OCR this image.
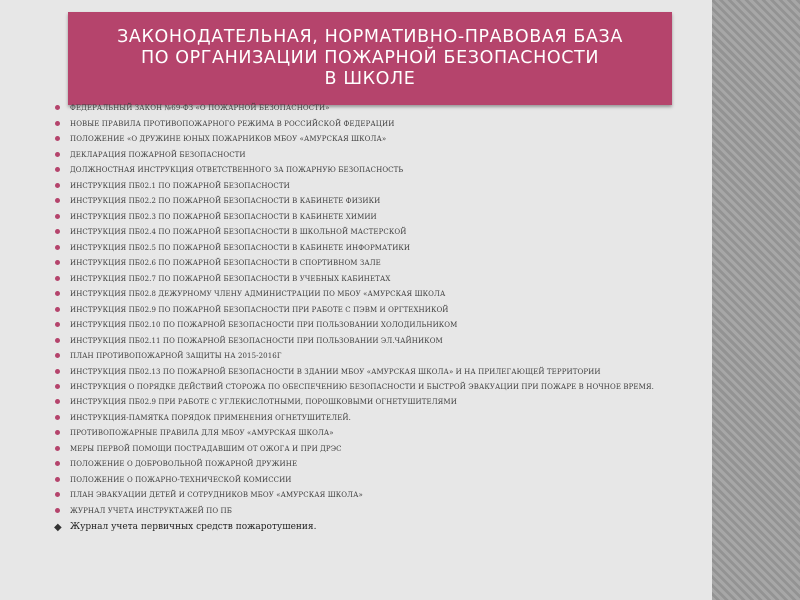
ЗАКОНОДАТЕЛЬНАЯ, НОРМАТИВНО-ПРАВОВАЯ БАЗА
ПО ОРГАНИЗАЦИИ ПОЖАРНОЙ БЕЗОПАСНОСТИ
В ШКОЛЕ
ФЕДЕРАЛЬНЫЙ ЗАКОН №69-ФЗ «О ПОЖАРНОЙ БЕЗОПАСНОСТИ»
НОВЫЕ ПРАВИЛА ПРОТИВОПОЖАРНОГО РЕЖИМА В РОССИЙСКОЙ ФЕДЕРАЦИИ
ПОЛОЖЕНИЕ «О ДРУЖИНЕ ЮНЫХ ПОЖАРНИКОВ МБОУ «АМУРСКАЯ ШКОЛА»
ДЕКЛАРАЦИЯ ПОЖАРНОЙ БЕЗОПАСНОСТИ
ДОЛЖНОСТНАЯ ИНСТРУКЦИЯ ОТВЕТСТВЕННОГО ЗА ПОЖАРНУЮ БЕЗОПАСНОСТЬ
ИНСТРУКЦИЯ ПБ02.1 ПО ПОЖАРНОЙ БЕЗОПАСНОСТИ
ИНСТРУКЦИЯ ПБ02.2 ПО ПОЖАРНОЙ БЕЗОПАСНОСТИ В КАБИНЕТЕ ФИЗИКИ
ИНСТРУКЦИЯ ПБ02.3 ПО ПОЖАРНОЙ БЕЗОПАСНОСТИ В КАБИНЕТЕ ХИМИИ
ИНСТРУКЦИЯ ПБ02.4 ПО ПОЖАРНОЙ БЕЗОПАСНОСТИ В ШКОЛЬНОЙ МАСТЕРСКОЙ
ИНСТРУКЦИЯ ПБ02.5 ПО ПОЖАРНОЙ БЕЗОПАСНОСТИ В КАБИНЕТЕ ИНФОРМАТИКИ
ИНСТРУКЦИЯ ПБ02.6 ПО ПОЖАРНОЙ БЕЗОПАСНОСТИ В СПОРТИВНОМ ЗАЛЕ
ИНСТРУКЦИЯ ПБ02.7 ПО ПОЖАРНОЙ БЕЗОПАСНОСТИ В УЧЕБНЫХ КАБИНЕТАХ
ИНСТРУКЦИЯ ПБ02.8 ДЕЖУРНОМУ ЧЛЕНУ АДМИНИСТРАЦИИ ПО МБОУ «АМУРСКАЯ ШКОЛА
ИНСТРУКЦИЯ ПБ02.9 ПО ПОЖАРНОЙ БЕЗОПАСНОСТИ ПРИ РАБОТЕ С ПЭВМ И ОРГТЕХНИКОЙ
ИНСТРУКЦИЯ ПБ02.10 ПО ПОЖАРНОЙ БЕЗОПАСНОСТИ ПРИ ПОЛЬЗОВАНИИ ХОЛОДИЛЬНИКОМ
ИНСТРУКЦИЯ ПБ02.11 ПО ПОЖАРНОЙ БЕЗОПАСНОСТИ ПРИ ПОЛЬЗОВАНИИ ЭЛ.ЧАЙНИКОМ
ПЛАН ПРОТИВОПОЖАРНОЙ ЗАЩИТЫ НА 2015-2016Г
ИНСТРУКЦИЯ ПБ02.13 ПО ПОЖАРНОЙ БЕЗОПАСНОСТИ В ЗДАНИИ МБОУ «АМУРСКАЯ ШКОЛА» И НА ПРИЛЕГАЮЩЕЙ ТЕРРИТОРИИ
ИНСТРУКЦИЯ О ПОРЯДКЕ ДЕЙСТВИЙ СТОРОЖА ПО ОБЕСПЕЧЕНИЮ БЕЗОПАСНОСТИ И БЫСТРОЙ ЭВАКУАЦИИ ПРИ ПОЖАРЕ В НОЧНОЕ ВРЕМЯ.
ИНСТРУКЦИЯ ПБ02.9 ПРИ РАБОТЕ С УГЛЕКИСЛОТНЫМИ, ПОРОШКОВЫМИ ОГНЕТУШИТЕЛЯМИ
ИНСТРУКЦИЯ-ПАМЯТКА ПОРЯДОК ПРИМЕНЕНИЯ ОГНЕТУШИТЕЛЕЙ.
ПРОТИВОПОЖАРНЫЕ ПРАВИЛА ДЛЯ МБОУ «АМУРСКАЯ ШКОЛА»
МЕРЫ ПЕРВОЙ ПОМОЩИ ПОСТРАДАВШИМ ОТ ОЖОГА И ПРИ ДРЭС
ПОЛОЖЕНИЕ О ДОБРОВОЛЬНОЙ ПОЖАРНОЙ ДРУЖИНЕ
ПОЛОЖЕНИЕ О ПОЖАРНО-ТЕХНИЧЕСКОЙ КОМИССИИ
ПЛАН ЭВАКУАЦИИ ДЕТЕЙ И СОТРУДНИКОВ МБОУ «АМУРСКАЯ ШКОЛА»
ЖУРНАЛ УЧЕТА ИНСТРУКТАЖЕЙ ПО ПБ
◆ Журнал учета первичных средств пожаротушения.
